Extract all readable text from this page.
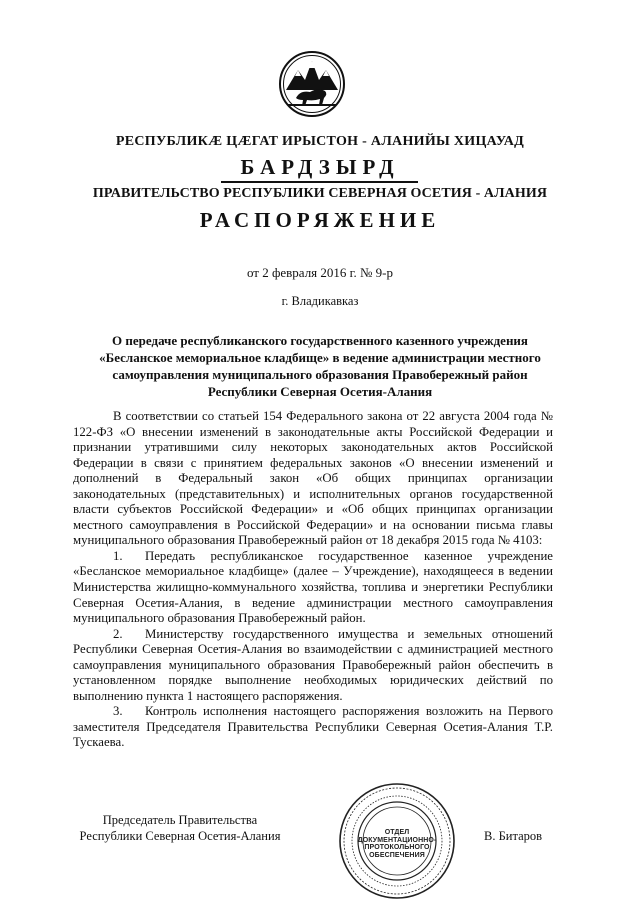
РЕСПУБЛИКӔ ЦӔГАТ ИРЫСТОН - АЛАНИЙЫ ХИЦАУАД
БАРДЗЫРД
ПРАВИТЕЛЬСТВО РЕСПУБЛИКИ СЕВЕРНАЯ ОСЕТИЯ - АЛАНИЯ
РАСПОРЯЖЕНИЕ
от 2 февраля 2016 г. № 9-р
г. Владикавказ
О передаче республиканского государственного казенного учреждения
«Бесланское мемориальное кладбище» в ведение администрации местного
самоуправления муниципального образования Правобережный район
Республики Северная Осетия-Алания

В соответствии со статьей 154 Федерального закона от 22 августа 2004 года № 122-ФЗ «О внесении изменений в законодательные акты Российской Федерации и признании утратившими силу некоторых законодательных актов Российской Федерации в связи с принятием федеральных законов «О внесении изменений и дополнений в Федеральный закон «Об общих принципах организации законодательных (представительных) и исполнительных органов государственной власти субъектов Российской Федерации» и «Об общих принципах организации местного самоуправления в Российской Федерации» и на основании письма главы муниципального образования Правобережный район от 18 декабря 2015 года № 4103:

1. Передать республиканское государственное казенное учреждение «Бесланское мемориальное кладбище» (далее – Учреждение), находящееся в ведении Министерства жилищно-коммунального хозяйства, топлива и энергетики Республики Северная Осетия-Алания, в ведение администрации местного самоуправления муниципального образования Правобережный район.

2. Министерству государственного имущества и земельных отношений Республики Северная Осетия-Алания во взаимодействии с администрацией местного самоуправления муниципального образования Правобережный район обеспечить в установленном порядке выполнение необходимых юридических действий по выполнению пункта 1 настоящего распоряжения.

3. Контроль исполнения настоящего распоряжения возложить на Первого заместителя Председателя Правительства Республики Северная Осетия-Алания Т.Р. Тускаева.

Председатель Правительства
Республики Северная Осетия-Алания	В. Битаров
ОТДЕЛ
ДОКУМЕНТАЦИОННО-
ПРОТОКОЛЬНОГО
ОБЕСПЕЧЕНИЯ
